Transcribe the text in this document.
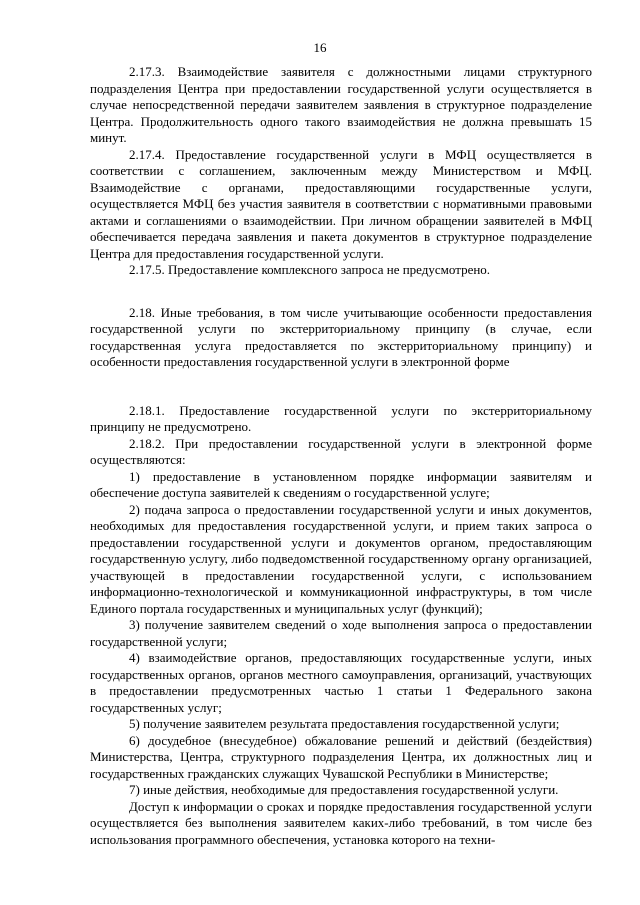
16

2.17.3. Взаимодействие заявителя с должностными лицами структурного подразделения Центра при предоставлении государственной услуги осуществляется в случае непосредственной передачи заявителем заявления в структурное подразделение Центра. Продолжительность одного такого взаимодействия не должна превышать 15 минут.

2.17.4. Предоставление государственной услуги в МФЦ осуществляется в соответствии с соглашением, заключенным между Министерством и МФЦ. Взаимодействие с органами, предоставляющими государственные услуги, осуществляется МФЦ без участия заявителя в соответствии с нормативными правовыми актами и соглашениями о взаимодействии. При личном обращении заявителей в МФЦ обеспечивается передача заявления и пакета документов в структурное подразделение Центра для предоставления государственной услуги.

2.17.5. Предоставление комплексного запроса не предусмотрено.

2.18. Иные требования, в том числе учитывающие особенности предоставления государственной услуги по экстерриториальному принципу (в случае, если государственная услуга предоставляется по экстерриториальному принципу) и особенности предоставления государственной услуги в электронной форме

2.18.1. Предоставление государственной услуги по экстерриториальному принципу не предусмотрено.

2.18.2. При предоставлении государственной услуги в электронной форме осуществляются:

1) предоставление в установленном порядке информации заявителям и обеспечение доступа заявителей к сведениям о государственной услуге;

2) подача запроса о предоставлении государственной услуги и иных документов, необходимых для предоставления государственной услуги, и прием таких запроса о предоставлении государственной услуги и документов органом, предоставляющим государственную услугу, либо подведомственной государственному органу организацией, участвующей в предоставлении государственной услуги, с использованием информационно-технологической и коммуникационной инфраструктуры, в том числе Единого портала государственных и муниципальных услуг (функций);

3) получение заявителем сведений о ходе выполнения запроса о предоставлении государственной услуги;

4) взаимодействие органов, предоставляющих государственные услуги, иных государственных органов, органов местного самоуправления, организаций, участвующих в предоставлении предусмотренных частью 1 статьи 1 Федерального закона государственных услуг;

5) получение заявителем результата предоставления государственной услуги;

6) досудебное (внесудебное) обжалование решений и действий (бездействия) Министерства, Центра, структурного подразделения Центра, их должностных лиц и государственных гражданских служащих Чувашской Республики в Министерстве;

7) иные действия, необходимые для предоставления государственной услуги.

Доступ к информации о сроках и порядке предоставления государственной услуги осуществляется без выполнения заявителем каких-либо требований, в том числе без использования программного обеспечения, установка которого на техни-
